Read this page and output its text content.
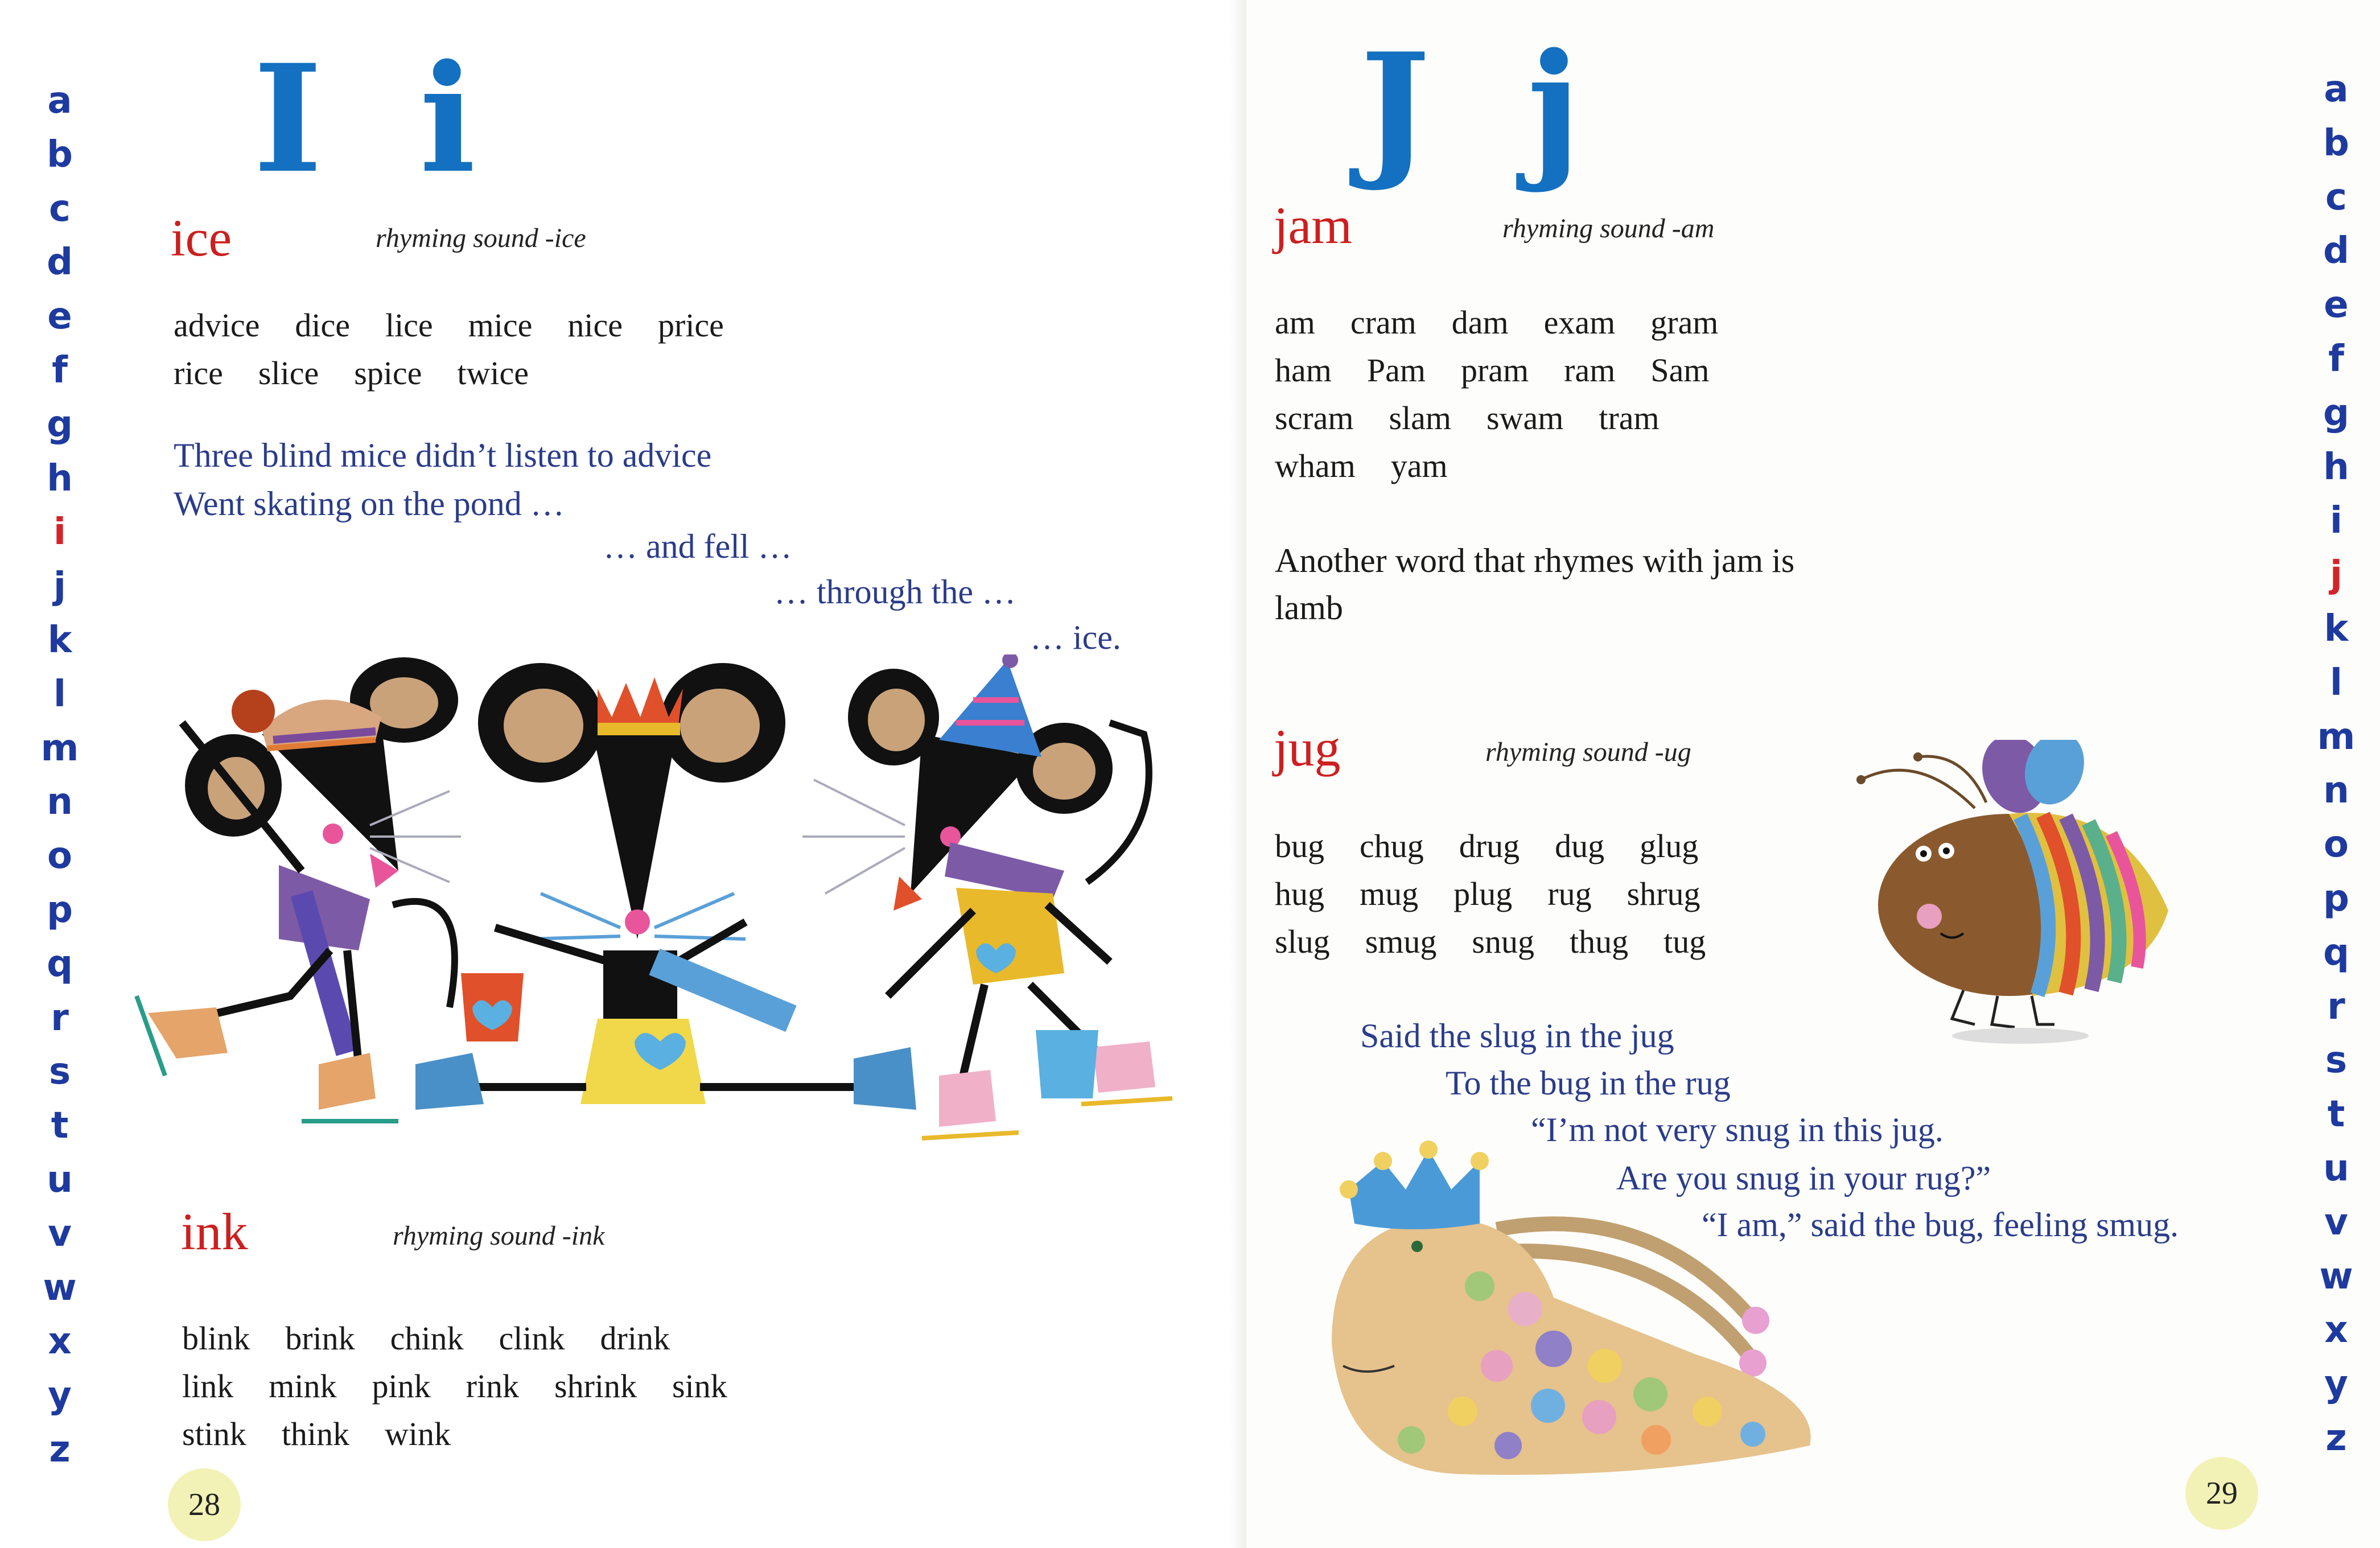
a
b
c
d
e
f
g
h
i
j
k
l
m
n
o
p
q
r
s
t
u
v
w
x
y
z
I i
ice	rhyming sound -ice
advice dice lice mice nice price
rice slice spice twice
Three blind mice didn’t listen to advice
Went skating on the pond …
… and fell …
… through the …
… ice.
ink	rhyming sound -ink
blink brink chink clink drink
link mink pink rink shrink sink
stink think wink
28
a
b
c
d
e
f
g
h
i
j
k
l
m
n
o
p
q
r
s
t
u
v
w
x
y
z
J j
jam	rhyming sound -am
am cram dam exam gram
ham Pam pram ram Sam
scram slam swam tram
wham yam
Another word that rhymes with jam is
lamb
jug	rhyming sound -ug
bug chug drug dug glug
hug mug plug rug shrug
slug smug snug thug tug
Said the slug in the jug
To the bug in the rug
“I’m not very snug in this jug.
Are you snug in your rug?”
“I am,” said the bug, feeling smug.
29
